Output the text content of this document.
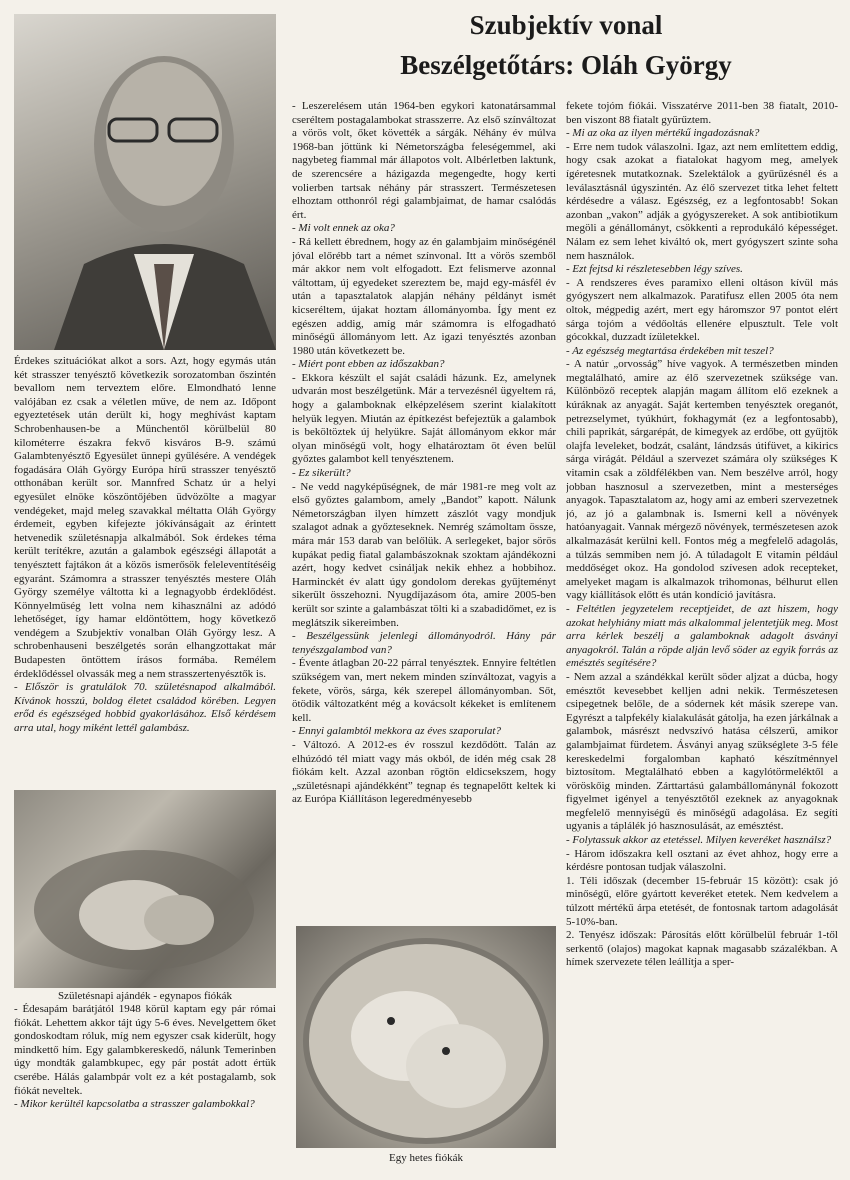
Szubjektív vonal
Beszélgetőtárs: Oláh György

Érdekes szituációkat alkot a sors. Azt, hogy egymás után két strasszer tenyésztő következik sorozatomban őszintén bevallom nem terveztem előre. Elmondható lenne valójában ez csak a véletlen műve, de nem az. Időpont egyeztetések után derült ki, hogy meghívást kaptam Schrobenhausen-be a Münchentől körülbelül 80 kilométerre északra fekvő kisváros B-9. számú Galambtenyésztő Egyesület ünnepi gyűlésére. A vendégek fogadására Oláh György Európa hírű strasszer tenyésztő otthonában került sor. Mannfred Schatz úr a helyi egyesület elnöke köszöntőjében üdvözölte a magyar vendégeket, majd meleg szavakkal méltatta Oláh György érdemeit, egyben kifejezte jókívánságait az érintett hetvenedik születésnapja alkalmából. Sok érdekes téma került terítékre, azután a galambok egészségi állapotát a tenyésztett fajtákon át a közös ismerősök feleleventítéséig egyaránt. Számomra a strasszer tenyésztés mestere Oláh György személye váltotta ki a legnagyobb érdeklődést. Könnyelműség lett volna nem kihasználni az adódó lehetőséget, így hamar eldöntöttem, hogy következő vendégem a Szubjektív vonalban Oláh György lesz. A schrobenhauseni beszélgetés során elhangzottakat már Budapesten öntöttem írásos formába. Remélem érdeklődéssel olvassák meg a nem strasszertenyésztők is.

- Először is gratulálok 70. születésnapod alkalmából. Kívánok hosszú, boldog életet családod körében. Legyen erőd és egészséged hobbid gyakorlásához. Első kérdésem arra utal, hogy miként lettél galambász.

Születésnapi ajándék - egynapos fiókák

- Édesapám barátjától 1948 körül kaptam egy pár római fiókát. Lehettem akkor tájt úgy 5-6 éves. Nevelgettem őket gondoskodtam róluk, míg nem egyszer csak kiderült, hogy mindkettő hím. Egy galambkereskedő, nálunk Temerinben úgy mondták galambkupec, egy pár postát adott értük cserébe. Hálás galambpár volt ez a két postagalamb, sok fiókát neveltek.

- Mikor kerültél kapcsolatba a strasszer galambokkal?

- Leszerelésem után 1964-ben egykori katonatársammal cseréltem postagalambokat strasszerre. Az első színváltozat a vörös volt, őket követték a sárgák. Néhány év múlva 1968-ban jöttünk ki Németországba feleségemmel, aki nagybeteg fiammal már állapotos volt. Albérletben laktunk, de szerencsére a házigazda megengedte, hogy kerti volierben tartsak néhány pár strasszert. Természetesen elhoztam otthonról régi galambjaimat, de hamar csalódás ért.

- Mi volt ennek az oka?

- Rá kellett ébrednem, hogy az én galambjaim minőségénél jóval előrébb tart a német színvonal. Itt a vörös szemből már akkor nem volt elfogadott. Ezt felismerve azonnal váltottam, új egyedeket szereztem be, majd egy-másfél év után a tapasztalatok alapján néhány példányt ismét kicseréltem, újakat hoztam állományomba. Így ment ez egészen addig, amíg már számomra is elfogadható minőségű állományom lett. Az igazi tenyésztés azonban 1980 után következett be.

- Miért pont ebben az időszakban?

- Ekkora készült el saját családi házunk. Ez, amelynek udvarán most beszélgetünk. Már a tervezésnél ügyeltem rá, hogy a galamboknak elképzelésem szerint kialakított helyük legyen. Miután az építkezést befejeztük a galambok is beköltöztek új helyükre. Saját állományom ekkor már olyan minőségű volt, hogy elhatároztam öt éven belül győztes galambot kell tenyésztenem.

- Ez sikerült?

- Ne vedd nagyképűségnek, de már 1981-re meg volt az első győztes galambom, amely „Bandot” kapott. Nálunk Németországban ilyen hímzett zászlót vagy mondjuk szalagot adnak a győzteseknek. Nemrég számoltam össze, mára már 153 darab van belőlük. A serlegeket, bajor sörös kupákat pedig fiatal galambászoknak szoktam ajándékozni azért, hogy kedvet csináljak nekik ehhez a hobbihoz. Harminckét év alatt úgy gondolom derekas gyűjteményt sikerült összehozni. Nyugdíjazásom óta, amire 2005-ben került sor szinte a galambászat tölti ki a szabadidőmet, ez is meglátszik sikereimben.

- Beszélgessünk jelenlegi állományodról. Hány pár tenyészgalambod van?

- Évente átlagban 20-22 párral tenyésztek. Ennyire feltétlen szükségem van, mert nekem minden színváltozat, vagyis a fekete, vörös, sárga, kék szerepel állományomban. Sőt, ötödik változatként még a kovácsolt kékeket is említenem kell.

- Ennyi galambtól mekkora az éves szaporulat?

- Változó. A 2012-es év rosszul kezdődött. Talán az elhúzódó tél miatt vagy más okból, de idén még csak 28 fiókám kelt. Azzal azonban rögtön eldicsekszem, hogy „születésnapi ajándékként” tegnap és tegnapelőtt keltek ki az Európa Kiállításon legeredményesebb

Egy hetes fiókák

fekete tojóm fiókái. Visszatérve 2011-ben 38 fiatalt, 2010-ben viszont 88 fiatalt gyűrűztem.

- Mi az oka az ilyen mértékű ingadozásnak?

- Erre nem tudok válaszolni. Igaz, azt nem említettem eddig, hogy csak azokat a fiatalokat hagyom meg, amelyek ígéretesnek mutatkoznak. Szelektálok a gyűrűzésnél és a leválasztásnál úgyszintén. Az élő szervezet titka lehet feltett kérdésedre a válasz. Egészség, ez a legfontosabb! Sokan azonban „vakon” adják a gyógyszereket. A sok antibiotikum megöli a génállományt, csökkenti a reprodukáló képességet. Nálam ez sem lehet kiváltó ok, mert gyógyszert szinte soha nem használok.

- Ezt fejtsd ki részletesebben légy szíves.

- A rendszeres éves paramixo elleni oltáson kívül más gyógyszert nem alkalmazok. Paratifusz ellen 2005 óta nem oltok, mégpedig azért, mert egy háromszor 97 pontot elért sárga tojóm a védőoltás ellenére elpusztult. Tele volt gócokkal, duzzadt ízületekkel.

- Az egészség megtartása érdekében mit teszel?

- A natúr „orvosság” híve vagyok. A természetben minden megtalálható, amire az élő szervezetnek szüksége van. Különböző receptek alapján magam állítom elő ezeknek a kúráknak az anyagát. Saját kertemben tenyésztek oreganót, petrezselymet, tyúkhúrt, fokhagymát (ez a legfontosabb), chili paprikát, sárgarépát, de kimegyek az erdőbe, ott gyűjtök olajfa leveleket, bodzát, csalánt, lándzsás útifüvet, a kikirics sárga virágát. Például a szervezet számára oly szükséges K vitamin csak a zöldfélékben van. Nem beszélve arról, hogy jobban hasznosul a szervezetben, mint a mesterséges anyagok. Tapasztalatom az, hogy ami az emberi szervezetnek jó, az jó a galambnak is. Ismerni kell a növények hatóanyagait. Vannak mérgező növények, természetesen azok alkalmazását kerülni kell. Fontos még a megfelelő adagolás, a túlzás semmiben nem jó. A túladagolt E vitamin például meddőséget okoz. Ha gondolod szívesen adok recepteket, amelyeket magam is alkalmazok trihomonas, bélhurut ellen vagy kiállítások előtt és után kondíció javításra.

- Feltétlen jegyzetelem receptjeidet, de azt hiszem, hogy azokat helyhiány miatt más alkalommal jelentetjük meg. Most arra kérlek beszélj a galamboknak adagolt ásványi anyagokról. Talán a röpde alján levő söder az egyik forrás az emésztés segítésére?

- Nem azzal a szándékkal került söder aljzat a dúcba, hogy emésztőt kevesebbet kelljen adni nekik. Természetesen csipegetnek belőle, de a sódernek két másik szerepe van. Egyrészt a talpfekély kialakulását gátolja, ha ezen járkálnak a galambok, másrészt nedvszívó hatása célszerű, amikor galambjaimat fürdetem. Ásványi anyag szükséglete 3-5 féle kereskedelmi forgalomban kapható készítménnyel biztosítom. Megtalálható ebben a kagylótörmeléktől a vöröskőig minden. Zárttartású galambállománynál fokozott figyelmet igényel a tenyésztőtől ezeknek az anyagoknak megfelelő mennyiségű és minőségű adagolása. Ez segíti ugyanis a táplálék jó hasznosulását, az emésztést.

- Folytassuk akkor az etetéssel. Milyen keveréket használsz?

- Három időszakra kell osztani az évet ahhoz, hogy erre a kérdésre pontosan tudjak válaszolni.

1. Téli időszak (december 15-február 15 között): csak jó minőségű, előre gyártott keveréket etetek. Nem kedvelem a túlzott mértékű árpa etetését, de fontosnak tartom adagolását 5-10%-ban.

2. Tenyész időszak: Párosítás előtt körülbelül február 1-től serkentő (olajos) magokat kapnak magasabb százalékban. A hímek szervezete télen leállítja a sper-
